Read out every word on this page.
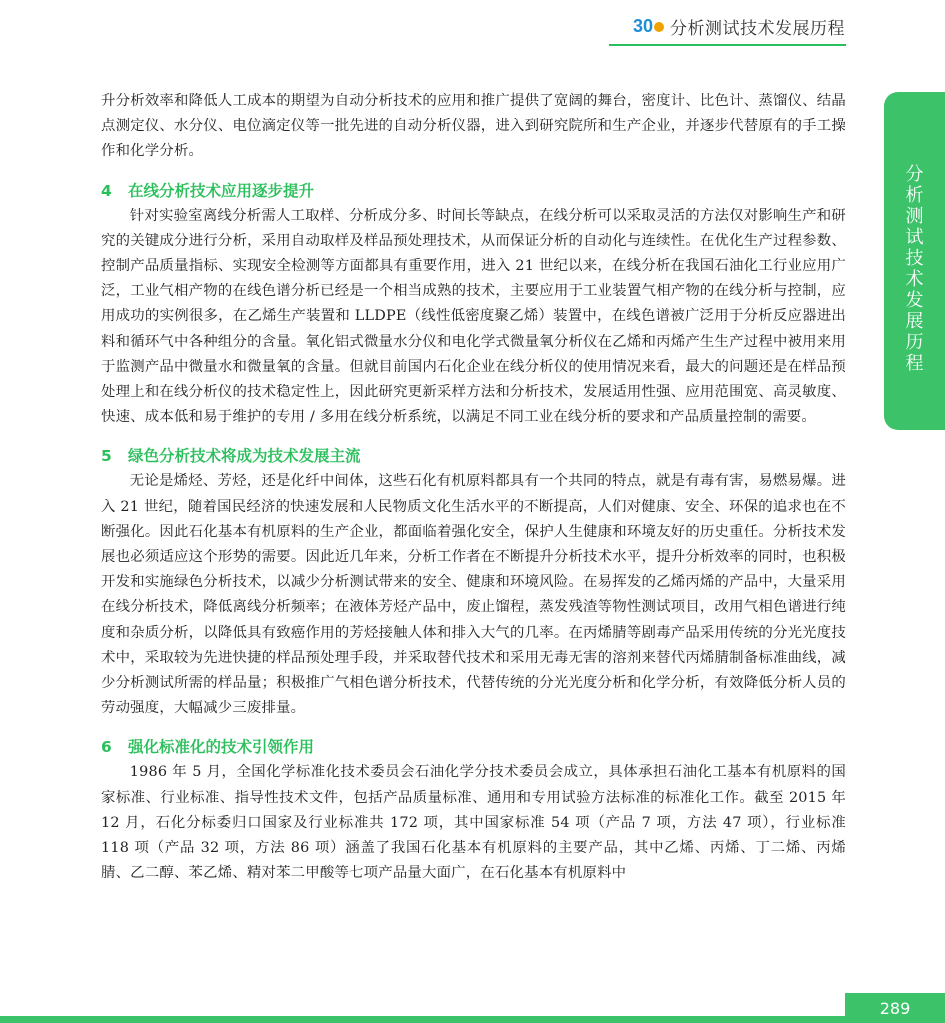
30 分析测试技术发展历程
分析测试技术发展历程

升分析效率和降低人工成本的期望为自动分析技术的应用和推广提供了宽阔的舞台，密度计、比色计、蒸馏仪、结晶点测定仪、水分仪、电位滴定仪等一批先进的自动分析仪器，进入到研究院所和生产企业，并逐步代替原有的手工操作和化学分析。

4 在线分析技术应用逐步提升

针对实验室离线分析需人工取样、分析成分多、时间长等缺点，在线分析可以采取灵活的方法仅对影响生产和研究的关键成分进行分析，采用自动取样及样品预处理技术，从而保证分析的自动化与连续性。在优化生产过程参数、控制产品质量指标、实现安全检测等方面都具有重要作用，进入 21 世纪以来，在线分析在我国石油化工行业应用广泛，工业气相产物的在线色谱分析已经是一个相当成熟的技术，主要应用于工业装置气相产物的在线分析与控制，应用成功的实例很多，在乙烯生产装置和 LLDPE（线性低密度聚乙烯）装置中，在线色谱被广泛用于分析反应器进出料和循环气中各种组分的含量。氧化铝式微量水分仪和电化学式微量氧分析仪在乙烯和丙烯产生生产过程中被用来用于监测产品中微量水和微量氧的含量。但就目前国内石化企业在线分析仪的使用情况来看，最大的问题还是在样品预处理上和在线分析仪的技术稳定性上，因此研究更新采样方法和分析技术，发展适用性强、应用范围宽、高灵敏度、快速、成本低和易于维护的专用 / 多用在线分析系统，以满足不同工业在线分析的要求和产品质量控制的需要。

5 绿色分析技术将成为技术发展主流

无论是烯烃、芳烃，还是化纤中间体，这些石化有机原料都具有一个共同的特点，就是有毒有害，易燃易爆。进入 21 世纪，随着国民经济的快速发展和人民物质文化生活水平的不断提高，人们对健康、安全、环保的追求也在不断强化。因此石化基本有机原料的生产企业，都面临着强化安全，保护人生健康和环境友好的历史重任。分析技术发展也必须适应这个形势的需要。因此近几年来，分析工作者在不断提升分析技术水平，提升分析效率的同时，也积极开发和实施绿色分析技术，以减少分析测试带来的安全、健康和环境风险。在易挥发的乙烯丙烯的产品中，大量采用在线分析技术，降低离线分析频率；在液体芳烃产品中，废止馏程，蒸发残渣等物性测试项目，改用气相色谱进行纯度和杂质分析，以降低具有致癌作用的芳烃接触人体和排入大气的几率。在丙烯腈等剧毒产品采用传统的分光光度技术中，采取较为先进快捷的样品预处理手段，并采取替代技术和采用无毒无害的溶剂来替代丙烯腈制备标准曲线，减少分析测试所需的样品量；积极推广气相色谱分析技术，代替传统的分光光度分析和化学分析，有效降低分析人员的劳动强度，大幅减少三废排量。

6 强化标准化的技术引领作用

1986 年 5 月，全国化学标准化技术委员会石油化学分技术委员会成立，具体承担石油化工基本有机原料的国家标准、行业标准、指导性技术文件，包括产品质量标准、通用和专用试验方法标准的标准化工作。截至 2015 年 12 月，石化分标委归口国家及行业标准共 172 项，其中国家标准 54 项（产品 7 项，方法 47 项），行业标准 118 项（产品 32 项，方法 86 项）涵盖了我国石化基本有机原料的主要产品，其中乙烯、丙烯、丁二烯、丙烯腈、乙二醇、苯乙烯、精对苯二甲酸等七项产品量大面广，在石化基本有机原料中

289
